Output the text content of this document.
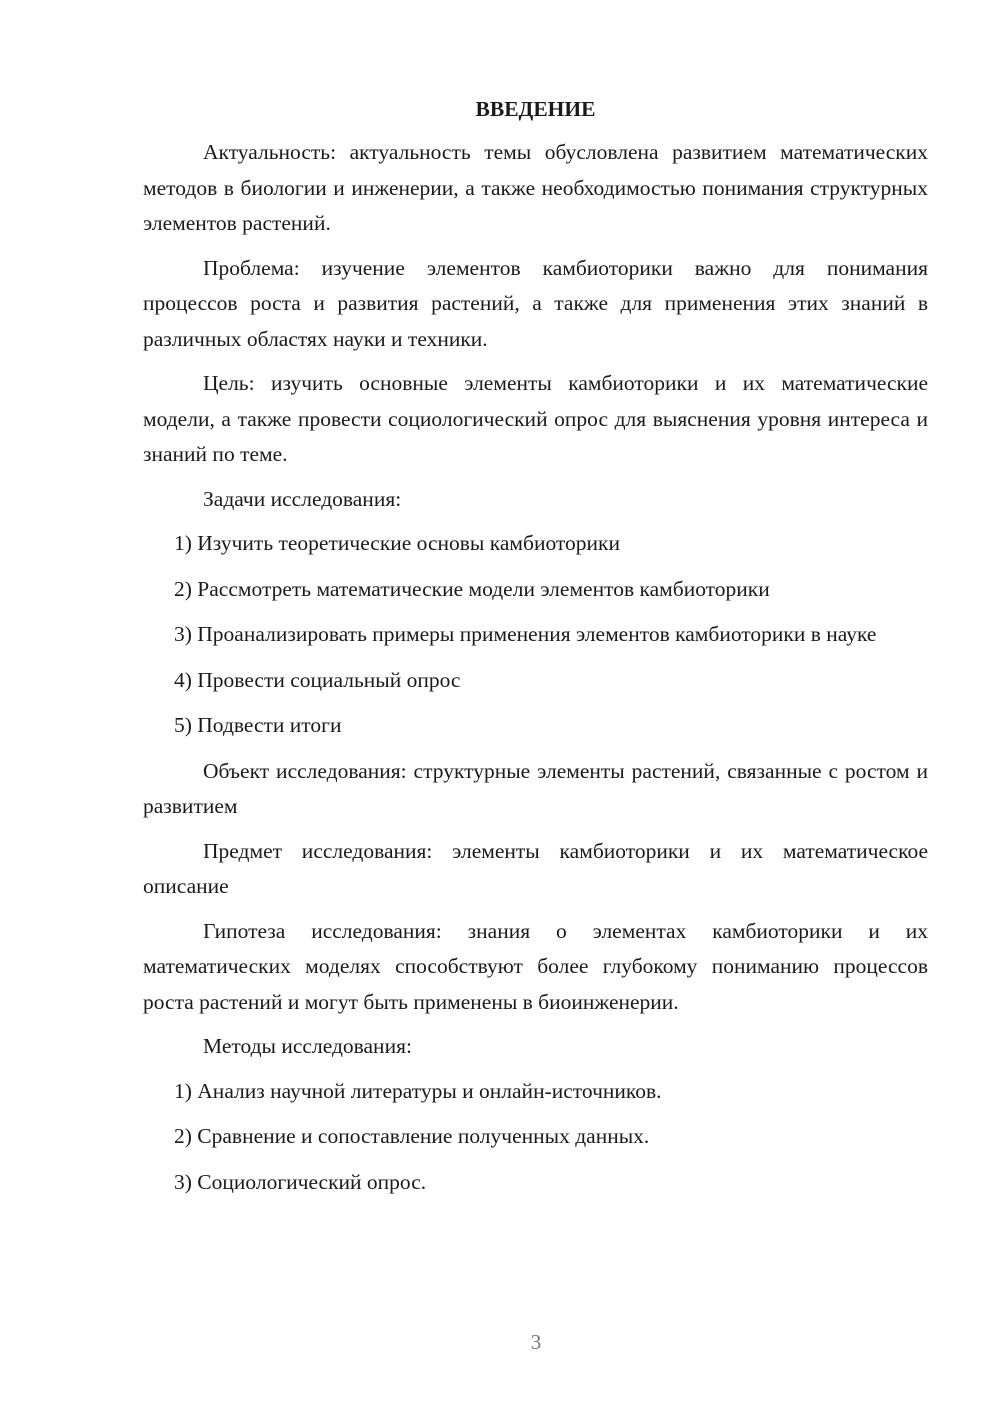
ВВЕДЕНИЕ

Актуальность: актуальность темы обусловлена развитием математических методов в биологии и инженерии, а также необходимостью понимания структурных элементов растений.

Проблема: изучение элементов камбиоторики важно для понимания процессов роста и развития растений, а также для применения этих знаний в различных областях науки и техники.

Цель: изучить основные элементы камбиоторики и их математические модели, а также провести социологический опрос для выяснения уровня интереса и знаний по теме.

Задачи исследования:

1) Изучить теоретические основы камбиоторики

2) Рассмотреть математические модели элементов камбиоторики

3) Проанализировать примеры применения элементов камбиоторики в науке

4) Провести социальный опрос

5) Подвести итоги

Объект исследования: структурные элементы растений, связанные с ростом и развитием

Предмет исследования: элементы камбиоторики и их математическое описание

Гипотеза исследования: знания о элементах камбиоторики и их математических моделях способствуют более глубокому пониманию процессов роста растений и могут быть применены в биоинженерии.

Методы исследования:

1) Анализ научной литературы и онлайн-источников.

2) Сравнение и сопоставление полученных данных.

3) Социологический опрос.

3
